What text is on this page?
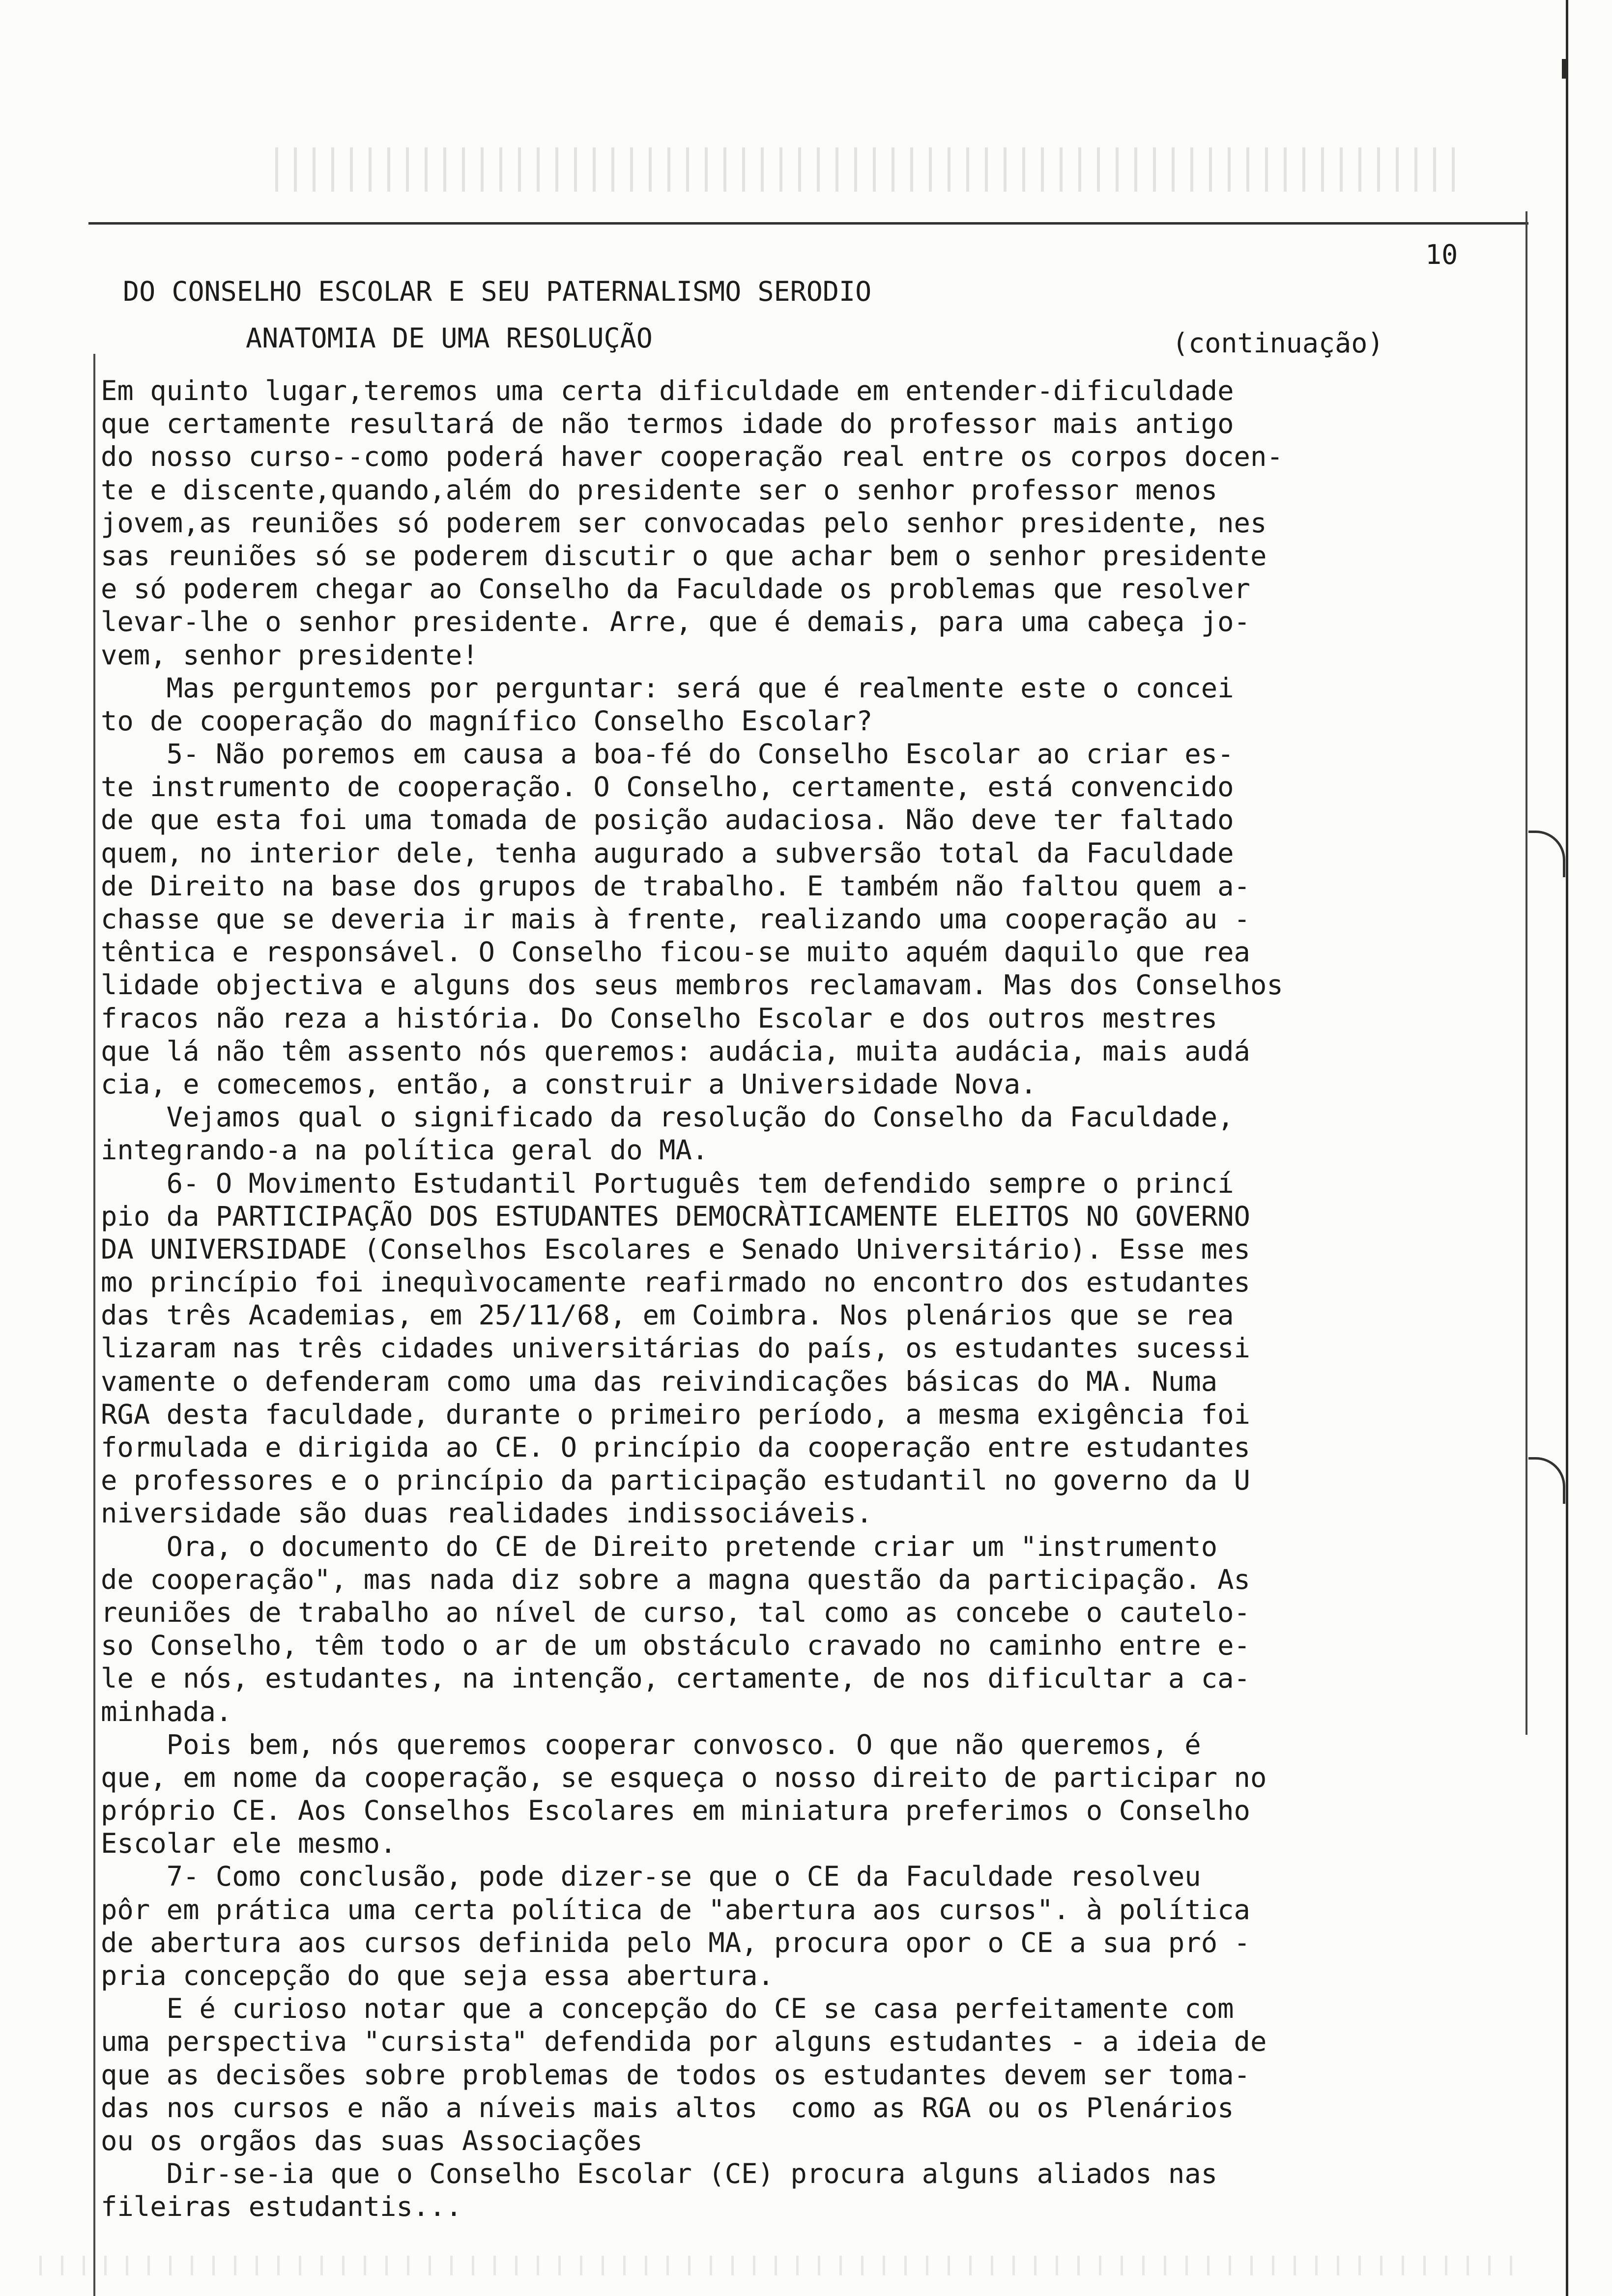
10
DO CONSELHO ESCOLAR E SEU PATERNALISMO SERODIO
ANATOMIA DE UMA RESOLUÇÃO	(continuação)
Em quinto lugar,teremos uma certa dificuldade em entender-dificuldade
que certamente resultará de não termos idade do professor mais antigo
do nosso curso--como poderá haver cooperação real entre os corpos docen-
te e discente,quando,além do presidente ser o senhor professor menos
jovem,as reuniões só poderem ser convocadas pelo senhor presidente, nes
sas reuniões só se poderem discutir o que achar bem o senhor presidente
e só poderem chegar ao Conselho da Faculdade os problemas que resolver
levar-lhe o senhor presidente. Arre, que é demais, para uma cabeça jo-
vem, senhor presidente!
Mas perguntemos por perguntar: será que é realmente este o concei
to de cooperação do magnífico Conselho Escolar?
5- Não poremos em causa a boa-fé do Conselho Escolar ao criar es-
te instrumento de cooperação. O Conselho, certamente, está convencido
de que esta foi uma tomada de posição audaciosa. Não deve ter faltado
quem, no interior dele, tenha augurado a subversão total da Faculdade
de Direito na base dos grupos de trabalho. E também não faltou quem a-
chasse que se deveria ir mais à frente, realizando uma cooperação au -
têntica e responsável. O Conselho ficou-se muito aquém daquilo que rea
lidade objectiva e alguns dos seus membros reclamavam. Mas dos Conselhos
fracos não reza a história. Do Conselho Escolar e dos outros mestres
que lá não têm assento nós queremos: audácia, muita audácia, mais audá
cia, e comecemos, então, a construir a Universidade Nova.
Vejamos qual o significado da resolução do Conselho da Faculdade,
integrando-a na política geral do MA.
6- O Movimento Estudantil Português tem defendido sempre o princí
pio da PARTICIPAÇÃO DOS ESTUDANTES DEMOCRÀTICAMENTE ELEITOS NO GOVERNO
DA UNIVERSIDADE (Conselhos Escolares e Senado Universitário). Esse mes
mo princípio foi inequìvocamente reafirmado no encontro dos estudantes
das três Academias, em 25/11/68, em Coimbra. Nos plenários que se rea
lizaram nas três cidades universitárias do país, os estudantes sucessi
vamente o defenderam como uma das reivindicações básicas do MA. Numa
RGA desta faculdade, durante o primeiro período, a mesma exigência foi
formulada e dirigida ao CE. O princípio da cooperação entre estudantes
e professores e o princípio da participação estudantil no governo da U
niversidade são duas realidades indissociáveis.
Ora, o documento do CE de Direito pretende criar um "instrumento
de cooperação", mas nada diz sobre a magna questão da participação. As
reuniões de trabalho ao nível de curso, tal como as concebe o cautelo-
so Conselho, têm todo o ar de um obstáculo cravado no caminho entre e-
le e nós, estudantes, na intenção, certamente, de nos dificultar a ca-
minhada.
Pois bem, nós queremos cooperar convosco. O que não queremos, é
que, em nome da cooperação, se esqueça o nosso direito de participar no
próprio CE. Aos Conselhos Escolares em miniatura preferimos o Conselho
Escolar ele mesmo.
7- Como conclusão, pode dizer-se que o CE da Faculdade resolveu
pôr em prática uma certa política de "abertura aos cursos". à política
de abertura aos cursos definida pelo MA, procura opor o CE a sua pró -
pria concepção do que seja essa abertura.
E é curioso notar que a concepção do CE se casa perfeitamente com
uma perspectiva "cursista" defendida por alguns estudantes - a ideia de
que as decisões sobre problemas de todos os estudantes devem ser toma-
das nos cursos e não a níveis mais altos  como as RGA ou os Plenários
ou os orgãos das suas Associações
Dir-se-ia que o Conselho Escolar (CE) procura alguns aliados nas
fileiras estudantis...
